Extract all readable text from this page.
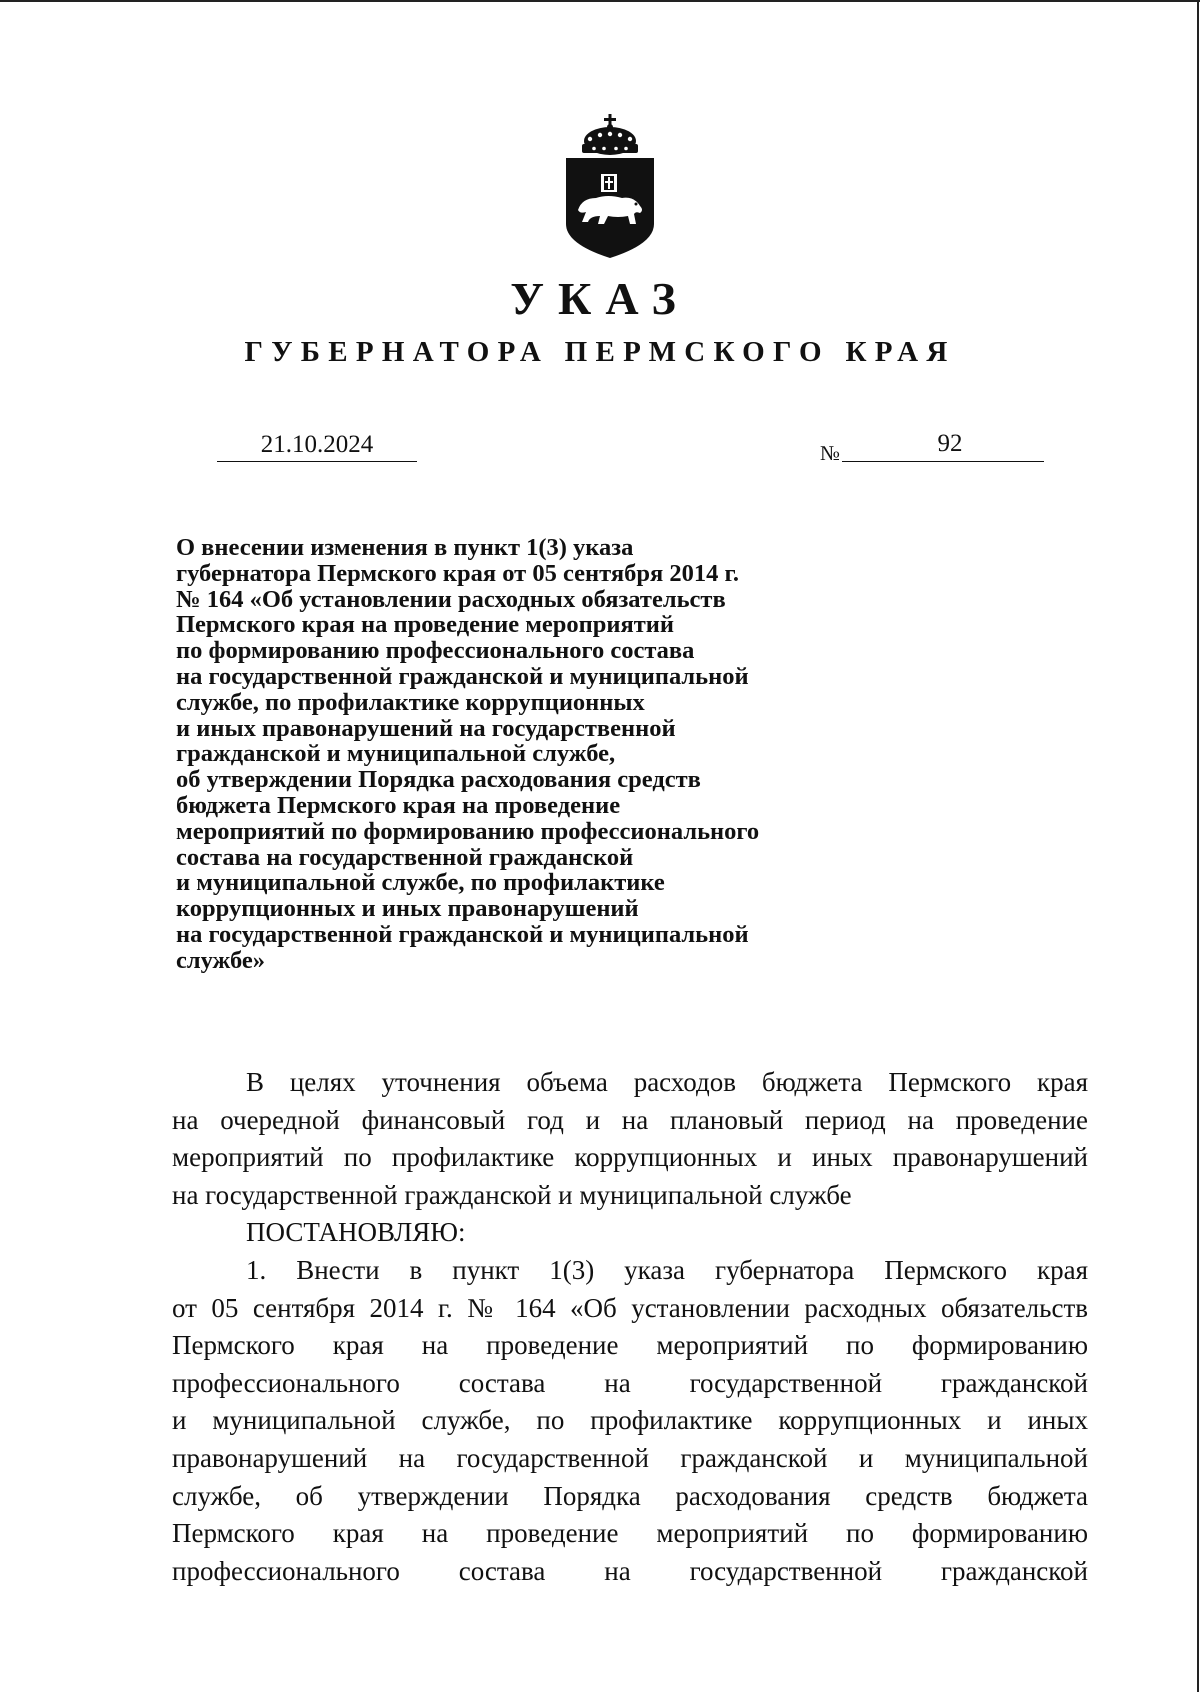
УКАЗ
ГУБЕРНАТОРА ПЕРМСКОГО КРАЯ
21.10.2024	№	92
О внесении изменения в пункт 1(3) указа
губернатора Пермского края от 05 сентября 2014 г.
№ 164 «Об установлении расходных обязательств
Пермского края на проведение мероприятий
по формированию профессионального состава
на государственной гражданской и муниципальной
службе, по профилактике коррупционных
и иных правонарушений на государственной
гражданской и муниципальной службе,
об утверждении Порядка расходования средств
бюджета Пермского края на проведение
мероприятий по формированию профессионального
состава на государственной гражданской
и муниципальной службе, по профилактике
коррупционных и иных правонарушений
на государственной гражданской и муниципальной
службе»
В целях уточнения объема расходов бюджета Пермского края
на очередной финансовый год и на плановый период на проведение
мероприятий по профилактике коррупционных и иных правонарушений
на государственной гражданской и муниципальной службе
ПОСТАНОВЛЯЮ:
1. Внести в пункт 1(3) указа губернатора Пермского края
от 05 сентября 2014 г. № 164 «Об установлении расходных обязательств
Пермского края на проведение мероприятий по формированию
профессионального состава на государственной гражданской
и муниципальной службе, по профилактике коррупционных и иных
правонарушений на государственной гражданской и муниципальной
службе, об утверждении Порядка расходования средств бюджета
Пермского края на проведение мероприятий по формированию
профессионального состава на государственной гражданской
